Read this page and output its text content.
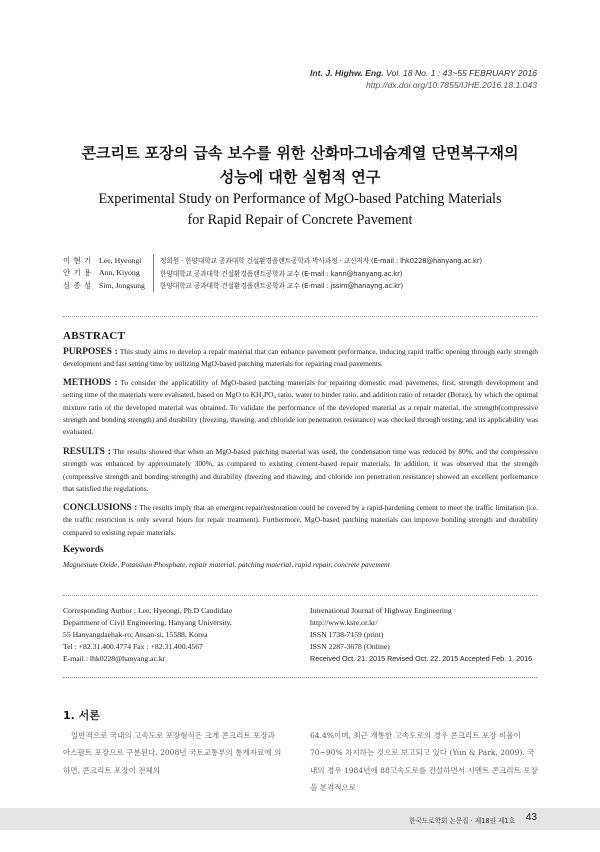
Int. J. Highw. Eng. Vol. 18 No. 1 : 43~55 FEBRUARY 2016
http://dx.doi.org/10.7855/IJHE.2016.18.1.043
콘크리트 포장의 급속 보수를 위한 산화마그네슘계열 단면복구재의
성능에 대한 실험적 연구
Experimental Study on Performance of MgO-based Patching Materials
for Rapid Repair of Concrete Pavement
이 현 기 Lee, Hyeongi	정회원 · 한양대학교 공과대학 건설환경플랜트공학과 박사과정 · 교신저자 (E-mail : lhk0228@hanyang.ac.kr)
안 기 용 Ann, Kiyong	한양대학교 공과대학 건설환경플랜트공학과 교수 (E-mail : kann@hanyang.ac.kr)
심 종 성 Sim, Jongsung	한양대학교 공과대학 건설환경플랜트공학과 교수 (E-mail : jssim@hanayng.ac.kr)
ABSTRACT
PURPOSES : This study aims to develop a repair material that can enhance pavement performance, inducing rapid traffic opening through early strength development and fast setting time by utilizing MgO-based patching materials for repairing road pavements.
METHODS : To consider the applicability of MgO-based patching materials for repairing domestic road pavements, first, strength development and setting time of the materials were evaluated, based on MgO to KH₂PO₄ ratio, water to binder ratio, and addition ratio of retarder (Borax), by which the optimal mixture ratio of the developed material was obtained. To validate the performance of the developed material as a repair material, the strength(compressive strength and bonding strength) and durability (freezing, thawing, and chloride ion penetration resistance) was checked through testing, and its applicability was evaluated.
RESULTS : The results showed that when an MgO-based patching material was used, the condensation time was reduced by 80%, and the compressive strength was enhanced by approximately 300%, as compared to existing cement-based repair materials. In addition, it was observed that the strength (compressive strength and bonding strength) and durability (freezing and thawing, and chloride ion penetration resistance) showed an excellent performance that satisfied the regulations.
CONCLUSIONS : The results imply that an emergent repair/restoration could be covered by a rapid-hardening cement to meet the traffic limitation (i.e. the traffic restriction is only several hours for repair treatment). Furthermore, MgO-based patching materials can improve bonding strength and durability compared to existing repair materials.
Keywords
Magnesium Oxide, Potassium Phosphate, repair material, patching material, rapid repair, concrete pavement
Corresponding Author : Lee, Hyeongi, Ph.D Candidate
Department of Civil Engineering, Hanyang University,
55 Hanyangdaehak-ro, Ansan-si, 15588, Korea
Tel : +82.31.400.4774 Fax : +82.31.400.4567
E-mail : lhk0228@hanyang.ac.kr
International Journal of Highway Engineering
http://www.ksre.or.kr/
ISSN 1738-7159 (print)
ISSN 2287-3678 (Online)
Received Oct. 21. 2015 Revised Oct. 22. 2015 Accepted Feb. 1. 2016
1. 서론
일반적으로 국내의 고속도로 포장형식은 크게 콘크리트 포장과 아스팔트 포장으로 구분된다. 2008년 국토교통부의 통계자료에 의하면, 콘크리트 포장이 전체의
64.4%이며, 최근 개통한 고속도로의 경우 콘크리트 포장 비율이 70~90% 차지하는 것으로 보고되고 있다 (Yun & Park, 2009). 국내의 경우 1984년에 88고속도로를 건설하면서 시멘트 콘크리트 포장을 본격적으로
한국도로학회 논문집 · 제18권 제1호 43
